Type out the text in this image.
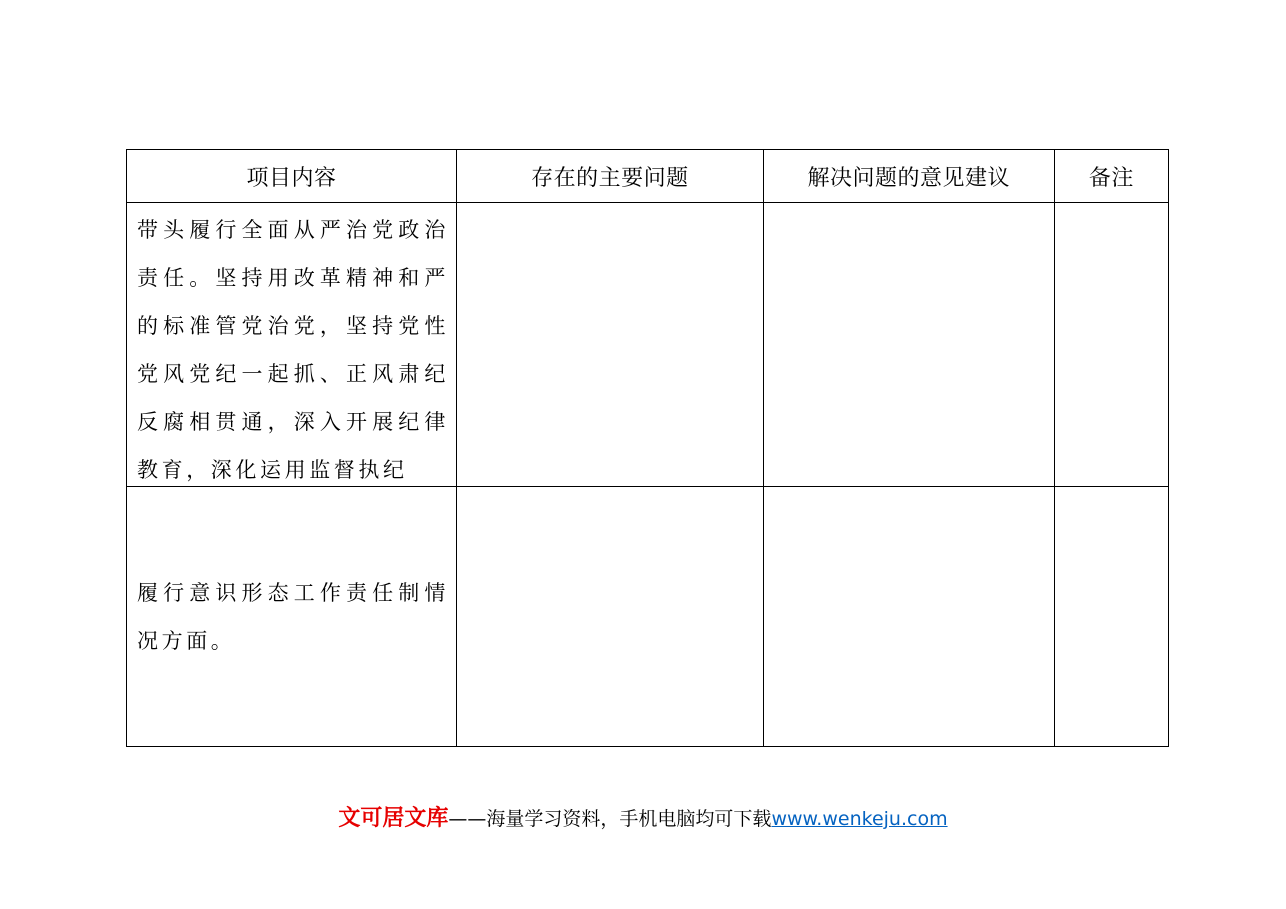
项目内容	存在的主要问题	解决问题的意见建议	备注

带头履行全面从严治党政治责任。坚持用改革精神和严的标准管党治党，坚持党性党风党纪一起抓、正风肃纪反腐相贯通，深入开展纪律教育，深化运用监督执纪			

履行意识形态工作责任制情况方面。			

文可居文库——海量学习资料，手机电脑均可下载www.wenkeju.com
